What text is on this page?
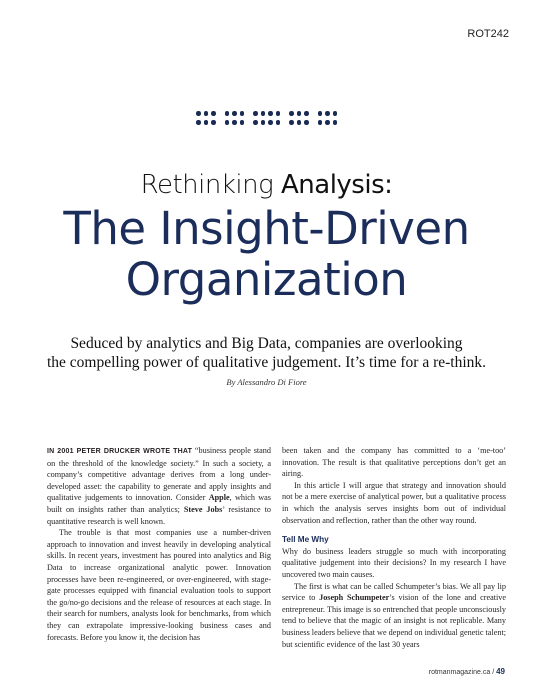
ROT242
Rethinking Analysis:
The Insight-Driven
Organization
Seduced by analytics and Big Data, companies are overlooking
the compelling power of qualitative judgement. It’s time for a re-think.
By Alessandro Di Fiore

IN 2001 PETER DRUCKER WROTE THAT “business people stand on the threshold of the knowledge society.” In such a society, a company’s competitive advantage derives from a long under-developed asset: the capability to generate and apply insights and qualitative judgements to innovation. Consider Apple, which was built on insights rather than analytics; Steve Jobs’ resistance to quantitative research is well known.

The trouble is that most companies use a number-driven approach to innovation and invest heavily in developing analytical skills. In recent years, investment has poured into analytics and Big Data to increase organizational analytic power. Innovation processes have been re-engineered, or over-engineered, with stage-gate processes equipped with financial evaluation tools to support the go/no-go decisions and the release of resources at each stage. In their search for numbers, analysts look for benchmarks, from which they can extrapolate impressive-looking business cases and forecasts. Before you know it, the decision has

been taken and the company has committed to a ‘me-too’ innovation. The result is that qualitative perceptions don’t get an airing.

In this article I will argue that strategy and innovation should not be a mere exercise of analytical power, but a qualitative process in which the analysis serves insights born out of individual observation and reflection, rather than the other way round.

Tell Me Why

Why do business leaders struggle so much with incorporating qualitative judgement into their decisions? In my research I have uncovered two main causes.

The first is what can be called Schumpeter’s bias. We all pay lip service to Joseph Schumpeter’s vision of the lone and creative entrepreneur. This image is so entrenched that people unconsciously tend to believe that the magic of an insight is not replicable. Many business leaders believe that we depend on individual genetic talent; but scientific evidence of the last 30 years

rotmanmagazine.ca / 49
